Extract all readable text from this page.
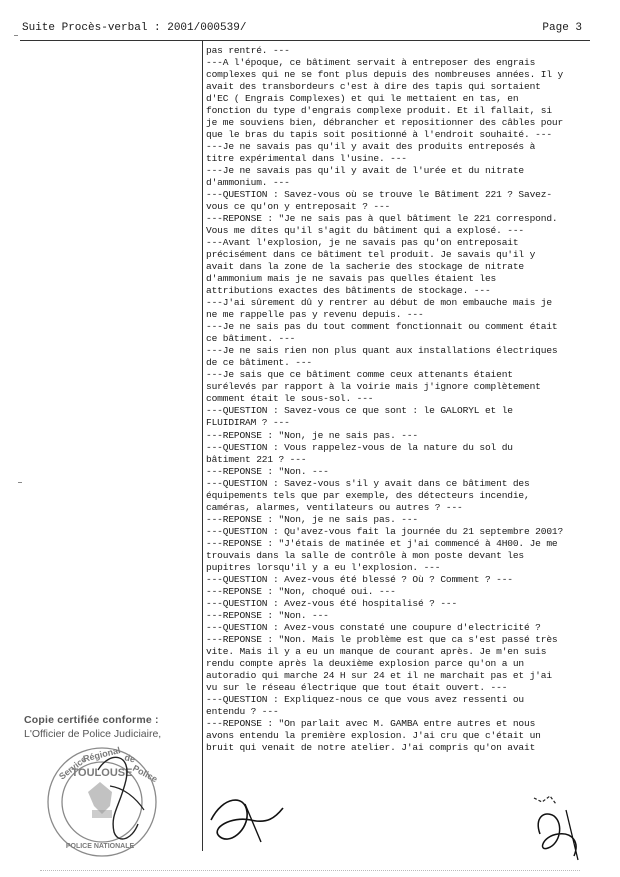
Suite Procès-verbal : 2001/000539/	Page 3
pas rentré. ---
---A l'époque, ce bâtiment servait à entreposer des engrais
complexes qui ne se font plus depuis des nombreuses années. Il y
avait des transbordeurs c'est à dire des tapis qui sortaient
d'EC ( Engrais Complexes) et qui le mettaient en tas, en
fonction du type d'engrais complexe produit. Et il fallait, si
je me souviens bien, débrancher et repositionner des câbles pour
que le bras du tapis soit positionné à l'endroit souhaité. ---
---Je ne savais pas qu'il y avait des produits entreposés à
titre expérimental dans l'usine. ---
---Je ne savais pas qu'il y avait de l'urée et du nitrate
d'ammonium. ---
---QUESTION : Savez-vous où se trouve le Bâtiment 221 ? Savez-
vous ce qu'on y entreposait ? ---
---REPONSE : "Je ne sais pas à quel bâtiment le 221 correspond.
Vous me dîtes qu'il s'agit du bâtiment qui a explosé. ---
---Avant l'explosion, je ne savais pas qu'on entreposait
précisément dans ce bâtiment tel produit. Je savais qu'il y
avait dans la zone de la sacherie des stockage de nitrate
d'ammonium mais je ne savais pas quelles étaient les
attributions exactes des bâtiments de stockage. ---
---J'ai sûrement dû y rentrer au début de mon embauche mais je
ne me rappelle pas y revenu depuis. ---
---Je ne sais pas du tout comment fonctionnait ou comment était
ce bâtiment. ---
---Je ne sais rien non plus quant aux installations électriques
de ce bâtiment. ---
---Je sais que ce bâtiment comme ceux attenants étaient
surélevés par rapport à la voirie mais j'ignore complètement
comment était le sous-sol. ---
---QUESTION : Savez-vous ce que sont : le GALORYL et le
FLUIDIRAM ? ---
---REPONSE : "Non, je ne sais pas. ---
---QUESTION : Vous rappelez-vous de la nature du sol du
bâtiment 221 ? ---
---REPONSE : "Non. ---
---QUESTION : Savez-vous s'il y avait dans ce bâtiment des
équipements tels que par exemple, des détecteurs incendie,
caméras, alarmes, ventilateurs ou autres ? ---
---REPONSE : "Non, je ne sais pas. ---
---QUESTION : Qu'avez-vous fait la journée du 21 septembre 2001?
---REPONSE : "J'étais de matinée et j'ai commencé à 4H00. Je me
trouvais dans la salle de contrôle à mon poste devant les
pupitres lorsqu'il y a eu l'explosion. ---
---QUESTION : Avez-vous été blessé ? Où ? Comment ? ---
---REPONSE : "Non, choqué oui. ---
---QUESTION : Avez-vous été hospitalisé ? ---
---REPONSE : "Non. ---
---QUESTION : Avez-vous constaté une coupure d'electricité ?
---REPONSE : "Non. Mais le problème est que ca s'est passé très
vite. Mais il y a eu un manque de courant après. Je m'en suis
rendu compte après la deuxième explosion parce qu'on a un
autoradio qui marche 24 H sur 24 et il ne marchait pas et j'ai
vu sur le réseau électrique que tout était ouvert. ---
---QUESTION : Expliquez-nous ce que vous avez ressenti ou
entendu ? ---
---REPONSE : "On parlait avec M. GAMBA entre autres et nous
avons entendu la première explosion. J'ai cru que c'était un
bruit qui venait de notre atelier. J'ai compris qu'on avait
Copie certifiée conforme :
L'Officier de Police Judiciaire,
Service
Régional de
Police
TOULOUSE
POLICE NATIONALE
